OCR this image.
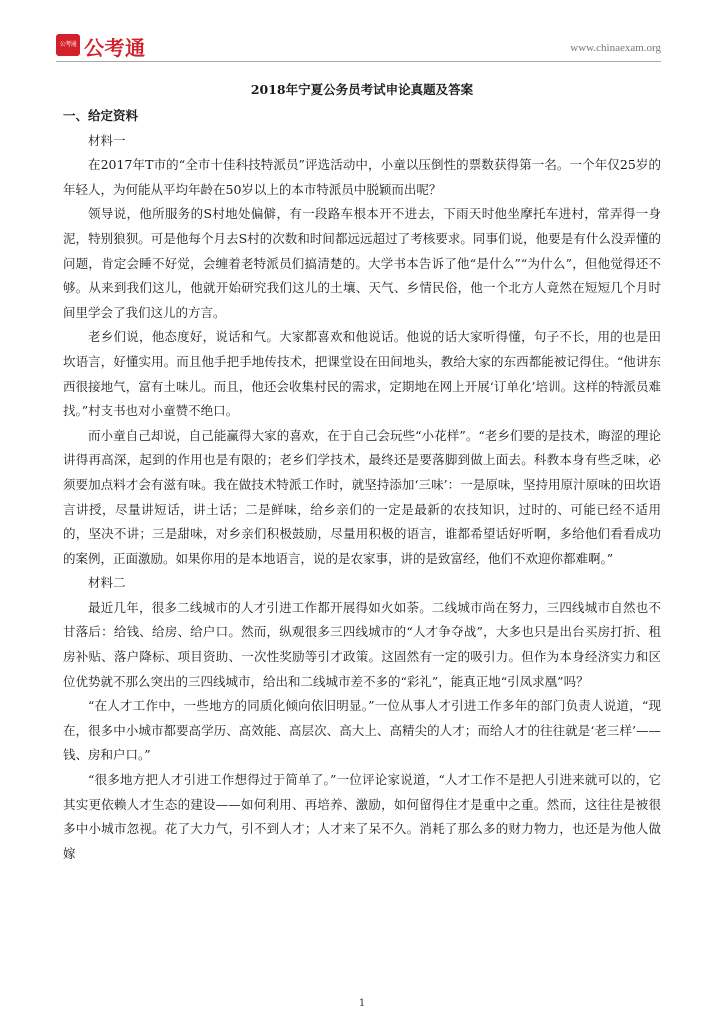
公考通 公考通	www.chinaexam.org
2018年宁夏公务员考试申论真题及答案

一、给定资料

材料一

在2017年T市的“全市十佳科技特派员”评选活动中，小童以压倒性的票数获得第一名。一个年仅25岁的年轻人，为何能从平均年龄在50岁以上的本市特派员中脱颖而出呢？

领导说，他所服务的S村地处偏僻，有一段路车根本开不进去，下雨天时他坐摩托车进村，常弄得一身泥，特别狼狈。可是他每个月去S村的次数和时间都远远超过了考核要求。同事们说，他要是有什么没弄懂的问题，肯定会睡不好觉，会缠着老特派员们搞清楚的。大学书本告诉了他“是什么”“为什么”，但他觉得还不够。从来到我们这儿，他就开始研究我们这儿的土壤、天气、乡情民俗，他一个北方人竟然在短短几个月时间里学会了我们这儿的方言。

老乡们说，他态度好，说话和气。大家都喜欢和他说话。他说的话大家听得懂，句子不长，用的也是田坎语言，好懂实用。而且他手把手地传技术，把课堂设在田间地头，教给大家的东西都能被记得住。“他讲东西很接地气，富有土味儿。而且，他还会收集村民的需求，定期地在网上开展‘订单化’培训。这样的特派员难找。”村支书也对小童赞不绝口。

而小童自己却说，自己能赢得大家的喜欢，在于自己会玩些“小花样”。“老乡们要的是技术，晦涩的理论讲得再高深，起到的作用也是有限的；老乡们学技术，最终还是要落脚到做上面去。科教本身有些乏味，必须要加点料才会有滋有味。我在做技术特派工作时，就坚持添加‘三味’：一是原味，坚持用原汁原味的田坎语言讲授，尽量讲短话，讲土话；二是鲜味，给乡亲们的一定是最新的农技知识，过时的、可能已经不适用的，坚决不讲；三是甜味，对乡亲们积极鼓励，尽量用积极的语言，谁都希望话好听啊，多给他们看看成功的案例，正面激励。如果你用的是本地语言，说的是农家事，讲的是致富经，他们不欢迎你都难啊。”

材料二

最近几年，很多二线城市的人才引进工作都开展得如火如荼。二线城市尚在努力，三四线城市自然也不甘落后：给钱、给房、给户口。然而，纵观很多三四线城市的“人才争夺战”，大多也只是出台买房打折、租房补贴、落户降标、项目资助、一次性奖励等引才政策。这固然有一定的吸引力。但作为本身经济实力和区位优势就不那么突出的三四线城市，给出和二线城市差不多的“彩礼”，能真正地“引凤求凰”吗？

“在人才工作中，一些地方的同质化倾向依旧明显。”一位从事人才引进工作多年的部门负责人说道，“现在，很多中小城市都要高学历、高效能、高层次、高大上、高精尖的人才；而给人才的往往就是‘老三样’——钱、房和户口。”

“很多地方把人才引进工作想得过于简单了。”一位评论家说道，“人才工作不是把人引进来就可以的，它其实更依赖人才生态的建设——如何利用、再培养、激励，如何留得住才是重中之重。然而，这往往是被很多中小城市忽视。花了大力气，引不到人才；人才来了呆不久。消耗了那么多的财力物力，也还是为他人做嫁

1
